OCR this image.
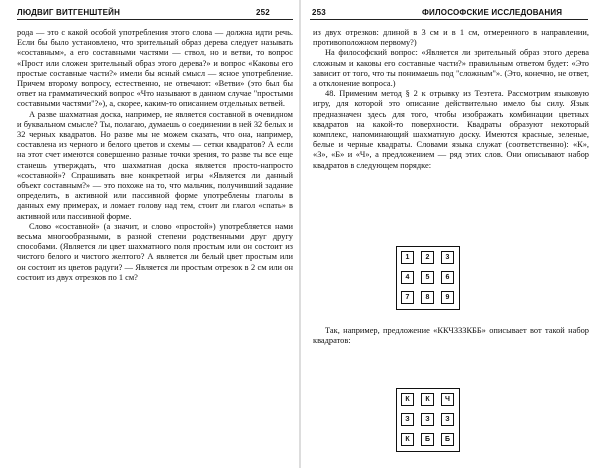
ЛЮДВИГ ВИТГЕНШТЕЙН	252

рода — это с какой особой употребления этого слова — должна идти речь. Если бы было установлено, что зрительный образ дерева следует называть «составным», а его составными частями — ствол, но и ветви, то вопрос «Прост или сложен зрительный образ этого дерева?» и вопрос «Каковы его простые составные части?» имели бы ясный смысл — ясное употребление. Причем второму вопросу, естественно, не отвечают: «Ветви» (это был бы ответ на грамматический вопрос «Что называют в данном случае "простыми составными частями"?»), а, скорее, каким-то описанием отдельных ветвей.

А разве шахматная доска, например, не является составной в очевидном и буквальном смысле? Ты, полагаю, думаешь о соединении в ней 32 белых и 32 черных квадратов. Но разве мы не можем сказать, что она, например, составлена из черного и белого цветов и схемы — сетки квадратов? А если на этот счет имеются совершенно разные точки зрения, то разве ты все еще станешь утверждать, что шахматная доска является просто-напросто «составной»? Спрашивать вне конкретной игры «Является ли данный объект составным?» — это похоже на то, что мальчик, получивший задание определить, в активной или пассивной форме употреблены глаголы в данных ему примерах, и ломает голову над тем, стоит ли глагол «спать» в активной или пассивной форме.

Слово «составной» (а значит, и слово «простой») употребляется нами весьма многообразными, в разной степени родственными друг другу способами. (Является ли цвет шахматного поля простым или он состоит из чистого белого и чистого желтого? А является ли белый цвет простым или он состоит из цветов радуги? — Является ли простым отрезок в 2 см или он состоит из двух отрезков по 1 см?

253	ФИЛОСОФСКИЕ ИССЛЕДОВАНИЯ

из двух отрезков: длиной в 3 см и в 1 см, отмеренного в направлении, противоположном первому?)

На философский вопрос: «Является ли зрительный образ этого дерева сложным и каковы его составные части?» правильным ответом будет: «Это зависит от того, что ты понимаешь под "сложным"». (Это, конечно, не ответ, а отклонение вопроса.)

48. Применим метод § 2 к отрывку из Теэтета. Рассмотрим языковую игру, для которой это описание действительно имело бы силу. Язык предназначен здесь для того, чтобы изображать комбинации цветных квадратов на какой-то поверхности. Квадраты образуют некоторый комплекс, напоминающий шахматную доску. Имеются красные, зеленые, белые и черные квадраты. Словами языка служат (соответственно): «К», «З», «Б» и «Ч», а предложением — ряд этих слов. Они описывают набор квадратов в следующем порядке:

1	2	3
4	5	6
7	8	9

Так, например, предложение «ККЧЗЗЗКББ» описывает вот такой набор квадратов:

К	К	Ч
З	З	З
К	Б	Б
